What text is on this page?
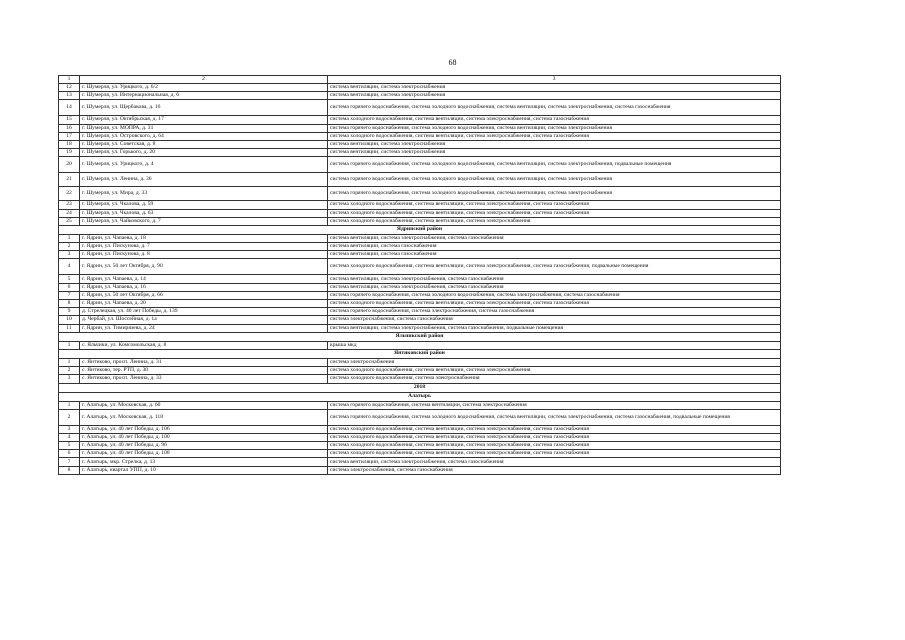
68
1	2	3
12	г. Шумерля, ул. Урицкого, д. 6/2	система вентиляции, система электроснабжения
13	г. Шумерля, ул. Интернациональная, д. 6	система вентиляции, система электроснабжения
14	г. Шумерля, ул. Щербакова, д. 16	система горячего водоснабжения, система холодного водоснабжения, система вентиляции, система электроснабжения, система газоснабжения
15	г. Шумерля, ул. Октябрьская, д. 17	система холодного водоснабжения, система вентиляции, система электроснабжения, система газоснабжения
16	г. Шумерля, ул. МОПРА, д. 31	система горячего водоснабжения, система холодного водоснабжения, система вентиляции, система электроснабжения
17	г. Шумерля, ул. Островского, д. 64	система холодного водоснабжения, система вентиляции, система электроснабжения, система газоснабжения
18	г. Шумерля, ул. Советская, д. 8	система вентиляции, система электроснабжения
19	г. Шумерля, ул. Горького, д. 20	система вентиляции, система электроснабжения
20	г. Шумерля, ул. Урицкого, д. 4	система горячего водоснабжения, система холодного водоснабжения, система вентиляции, система электроснабжения, подвальные помещения
21	г. Шумерля, ул. Ленина, д. 36	система горячего водоснабжения, система холодного водоснабжения, система вентиляции, система электроснабжения
22	г. Шумерля, ул. Мира, д. 33	система горячего водоснабжения, система холодного водоснабжения, система вентиляции, система электроснабжения
23	г. Шумерля, ул. Чкалова, д. 59	система холодного водоснабжения, система вентиляции, система электроснабжения, система газоснабжения
24	г. Шумерля, ул. Чкалова, д. 63	система холодного водоснабжения, система вентиляции, система электроснабжения, система газоснабжения
25	г. Шумерля, ул. Чайковского, д. 7	система холодного водоснабжения, система вентиляции, система электроснабжения
Ядринский район		
1	г. Ядрин, ул. Чапаева, д. 18	система вентиляции, система электроснабжения, система газоснабжения
2	г. Ядрин, ул. Пискунова, д. 7	система вентиляции, система газоснабжения
3	г. Ядрин, ул. Пискунова, д. 8	система вентиляции, система газоснабжения
4	г. Ядрин, ул. 50 лет Октября, д. 90	система холодного водоснабжения, система вентиляции, система электроснабжения, система газоснабжения, подвальные помещения
5	г. Ядрин, ул. Чапаева, д. 14	система вентиляции, система электроснабжения, система газоснабжения
6	г. Ядрин, ул. Чапаева, д. 16	система вентиляции, система электроснабжения, система газоснабжения
7	г. Ядрин, ул. 50 лет Октября, д. 66	система горячего водоснабжения, система холодного водоснабжения, система электроснабжения, система газоснабжения
8	г. Ядрин, ул. Чапаева, д. 20	система холодного водоснабжения, система вентиляции, система электроснабжения, система газоснабжения
9	д. Стрелецкая, ул. 40 лет Победы, д. 139	система горячего водоснабжения, система электроснабжения, система газоснабжения
10	д. Чербай, ул. Шоссейная, д. 1а	система электроснабжения, система газоснабжения
11	г. Ядрин, ул. Тимирязева, д. 24	система вентиляции, система электроснабжения, система газоснабжения, подвальные помещения
Яльчикский район		
1	с. Яльчики, ул. Комсомольская, д. 8	крыша мкд
Янтиковский район		
1	с. Янтиково, просп. Ленина, д. 31	система электроснабжения
2	с. Янтиково, тер. РТП, д. 30	система холодного водоснабжения, система вентиляции, система электроснабжения
3	с. Янтиково, просп. Ленина, д. 33	система холодного водоснабжения, система электроснабжения
2018		
Алатырь		
1	г. Алатырь, ул. Московская, д. 60	система горячего водоснабжения, система вентиляции, система электроснабжения
2	г. Алатырь, ул. Московская, д. 118	система горячего водоснабжения, система холодного водоснабжения, система вентиляции, система электроснабжения, система газоснабжения, подвальные помещения
3	г. Алатырь, ул. 40 лет Победы, д. 106	система холодного водоснабжения, система вентиляции, система электроснабжения, система газоснабжения
4	г. Алатырь, ул. 40 лет Победы, д. 100	система холодного водоснабжения, система вентиляции, система электроснабжения, система газоснабжения
5	г. Алатырь, ул. 40 лет Победы, д. 96	система холодного водоснабжения, система вентиляции, система электроснабжения, система газоснабжения
6	г. Алатырь, ул. 40 лет Победы, д. 108	система холодного водоснабжения, система вентиляции, система электроснабжения, система газоснабжения
7	г. Алатырь, мкр. Стрелка, д. 13	система вентиляции, система электроснабжения, система газоснабжения
8	г. Алатырь, квартал УПП, д. 10	система электроснабжения, система газоснабжения
